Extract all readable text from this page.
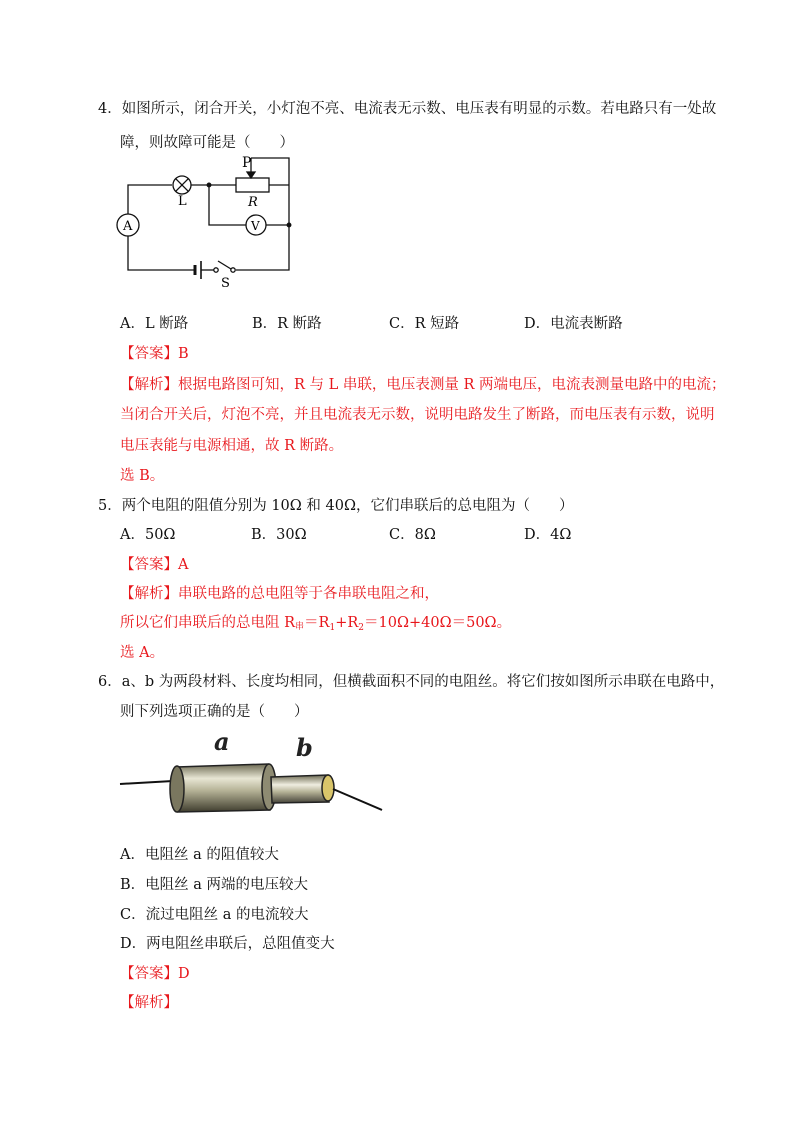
4．如图所示，闭合开关，小灯泡不亮、电流表无示数、电压表有明显的示数。若电路只有一处故
障，则故障可能是（　　）
P
L	R
A	V
S
A．L 断路	B．R 断路	C．R 短路	D．电流表断路
【答案】B
【解析】根据电路图可知，R 与 L 串联，电压表测量 R 两端电压，电流表测量电路中的电流；
当闭合开关后，灯泡不亮，并且电流表无示数，说明电路发生了断路，而电压表有示数，说明
电压表能与电源相通，故 R 断路。
选 B。
5．两个电阻的阻值分别为 10Ω 和 40Ω，它们串联后的总电阻为（　　）
A．50Ω	B．30Ω	C．8Ω	D．4Ω
【答案】A
【解析】串联电路的总电阻等于各串联电阻之和，
所以它们串联后的总电阻 R串$=R_1+R_2=10\Omega+40\Omega=50\Omega$。
选 A。
6．a、b 为两段材料、长度均相同，但横截面积不同的电阻丝。将它们按如图所示串联在电路中，
则下列选项正确的是（　　）
a	b
A．电阻丝 a 的阻值较大
B．电阻丝 a 两端的电压较大
C．流过电阻丝 a 的电流较大
D．两电阻丝串联后，总阻值变大
【答案】D
【解析】
